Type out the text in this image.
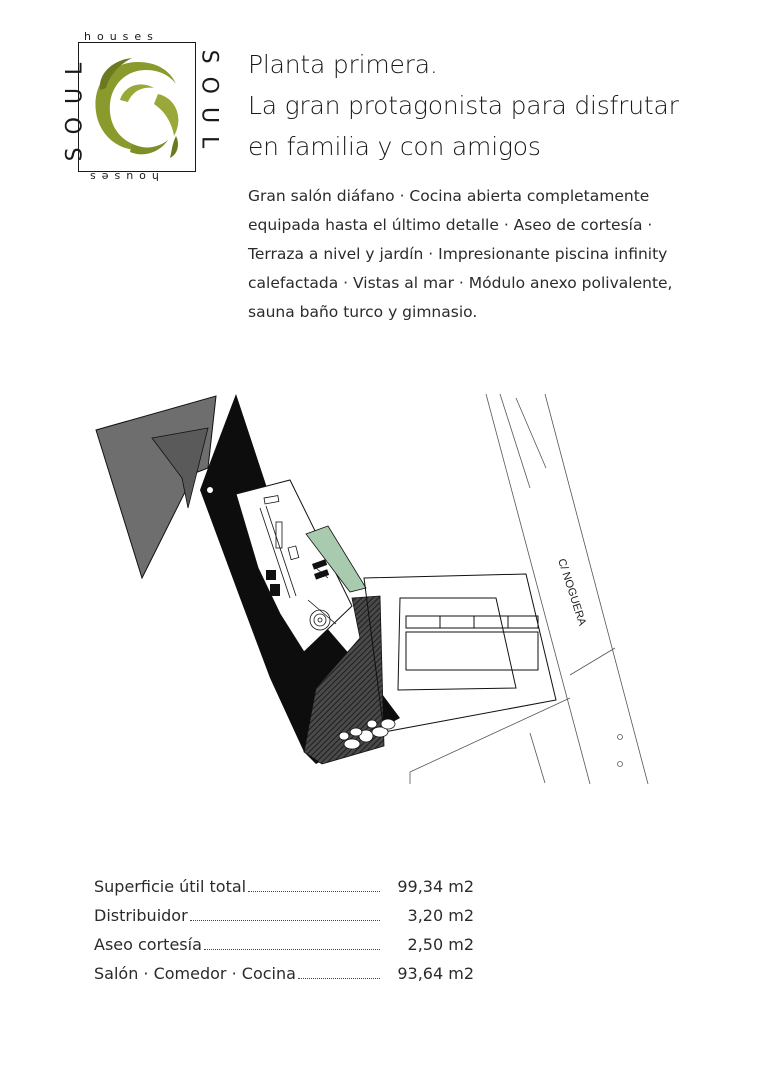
houses
houses
SOUL	SOUL Planta primera.
La gran protagonista para disfrutar
en familia y con amigos
Gran salón diáfano · Cocina abierta completamente
equipada hasta el último detalle · Aseo de cortesía ·
Terraza a nivel y jardín · Impresionante piscina infinity
calefactada · Vistas al mar · Módulo anexo polivalente,
sauna baño turco y gimnasio.
C/ NOGUERA
Superficie útil total	99,34 m2
Distribuidor	3,20 m2
Aseo cortesía	2,50 m2
Salón · Comedor · Cocina	93,64 m2
